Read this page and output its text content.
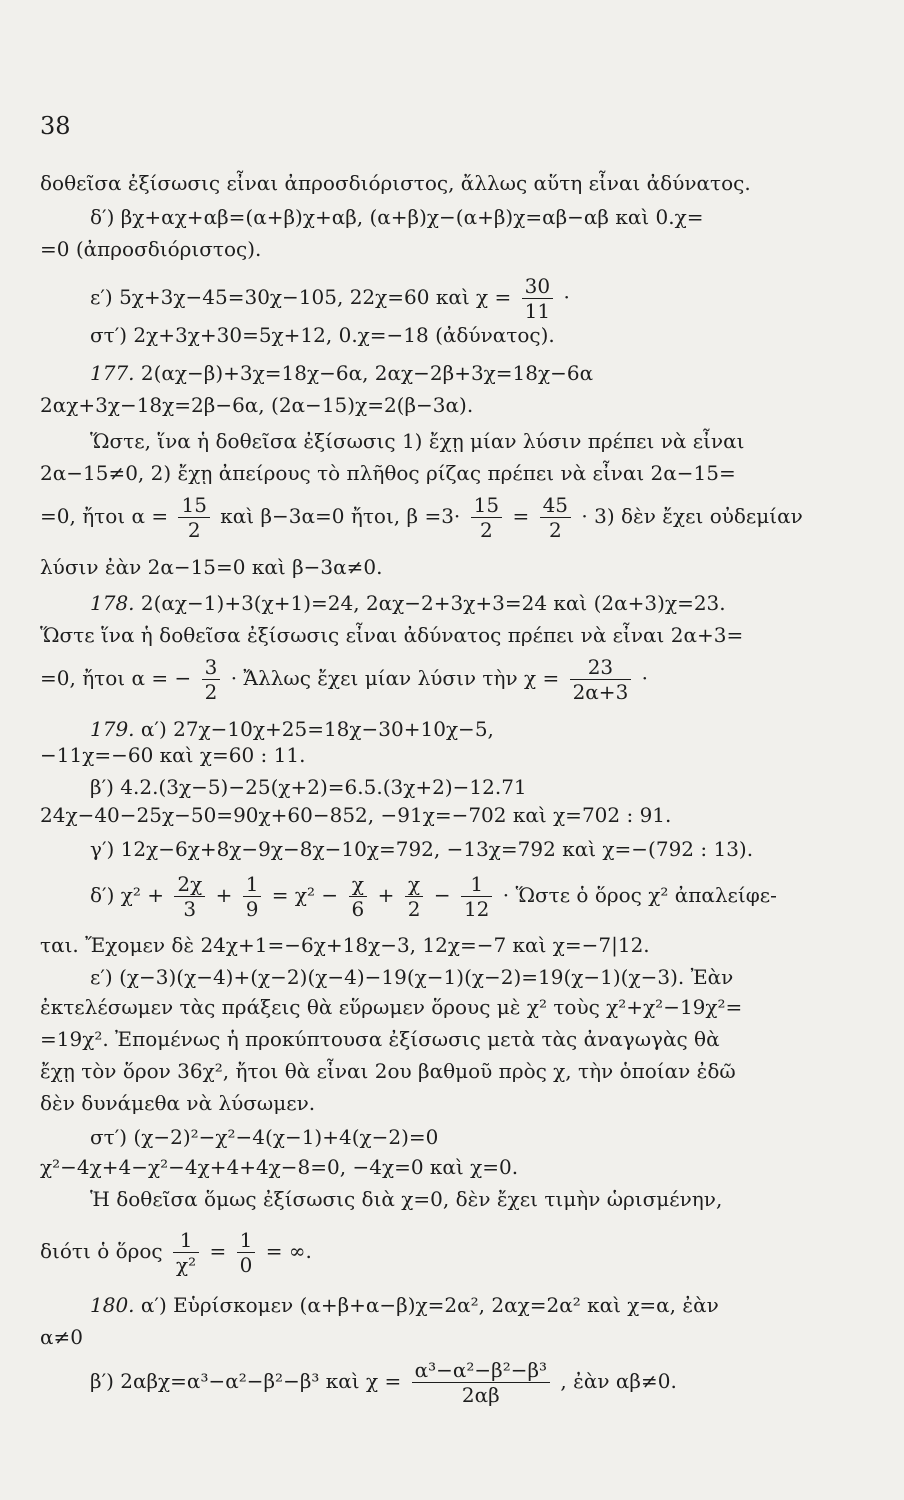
38
δοθεῖσα ἐξίσωσις εἶναι ἀπροσδιόριστος, ἄλλως αὕτη εἶναι ἀδύνατος.
δ′) βχ+αχ+αβ=(α+β)χ+αβ, (α+β)χ−(α+β)χ=αβ−αβ καὶ 0.χ=
=0 (ἀπροσδιόριστος).
ε′) 5χ+3χ−45=30χ−105, 22χ=60 καὶ $\chi = \frac{30}{11}$ ·
στ′) 2χ+3χ+30=5χ+12, 0.χ=−18 (ἀδύνατος).
177. 2(αχ−β)+3χ=18χ−6α, 2αχ−2β+3χ=18χ−6α
2αχ+3χ−18χ=2β−6α, (2α−15)χ=2(β−3α).
Ὥστε, ἵνα ἡ δοθεῖσα ἐξίσωσις 1) ἔχῃ μίαν λύσιν πρέπει νὰ εἶναι
2α−15≠0, 2) ἔχῃ ἀπείρους τὸ πλῆθος ρίζας πρέπει νὰ εἶναι 2α−15=
=0, ἤτοι $\alpha = \frac{15}{2}$ καὶ β−3α=0 ἤτοι, $\beta =3\cdot \frac{15}{2} = \frac{45}{2} \cdot 3$) δὲν ἔχει οὐδεμίαν
λύσιν ἐὰν 2α−15=0 καὶ β−3α≠0.
178. 2(αχ−1)+3(χ+1)=24, 2αχ−2+3χ+3=24 καὶ (2α+3)χ=23.
Ὥστε ἵνα ἡ δοθεῖσα ἐξίσωσις εἶναι ἀδύνατος πρέπει νὰ εἶναι 2α+3=
=0, ἤτοι α = − $\frac{3}{2}$ · Ἄλλως ἔχει μίαν λύσιν τὴν $\chi = \frac{23}{2\alpha+3}$ ·
179. α′) 27χ−10χ+25=18χ−30+10χ−5,
−11χ=−60 καὶ χ=60 : 11.
β′) 4.2.(3χ−5)−25(χ+2)=6.5.(3χ+2)−12.71
24χ−40−25χ−50=90χ+60−852, −91χ=−702 καὶ χ=702 : 91.
γ′) 12χ−6χ+8χ−9χ−8χ−10χ=792, −13χ=792 καὶ χ=−(792 : 13).
δ′) $\chi^2 + \frac{2\chi}{3} + \frac{1}{9} = \chi^2 - \frac{\chi}{6} + \frac{\chi}{2} - \frac{1}{12}$ · Ὥστε ὁ ὅρος χ² ἀπαλείφε-
ται. Ἔχομεν δὲ 24χ+1=−6χ+18χ−3, 12χ=−7 καὶ χ=−7|12.
ε′) (χ−3)(χ−4)+(χ−2)(χ−4)−19(χ−1)(χ−2)=19(χ−1)(χ−3). Ἐὰν
ἐκτελέσωμεν τὰς πράξεις θὰ εὕρωμεν ὅρους μὲ χ² τοὺς χ²+χ²−19χ²=
=19χ². Ἐπομένως ἡ προκύπτουσα ἐξίσωσις μετὰ τὰς ἀναγωγὰς θὰ
ἔχῃ τὸν ὅρον 36χ², ἤτοι θὰ εἶναι 2ου βαθμοῦ πρὸς χ, τὴν ὁποίαν ἐδῶ
δὲν δυνάμεθα νὰ λύσωμεν.
στ′) (χ−2)²−χ²−4(χ−1)+4(χ−2)=0
χ²−4χ+4−χ²−4χ+4+4χ−8=0, −4χ=0 καὶ χ=0.
Ἡ δοθεῖσα ὅμως ἐξίσωσις διὰ χ=0, δὲν ἔχει τιμὴν ὡρισμένην,
διότι ὁ ὅρος $\frac{1}{\text{χ²}} = \frac{1}{0}$ = ∞.
180. α′) Εὑρίσκομεν (α+β+α−β)χ=2α², 2αχ=2α² καὶ χ=α, ἐὰν
α≠0
β′) 2αβχ=α³−α²−β²−β³ καὶ $\chi = \frac{\text{α³−α²−β²−β³}}{2\alpha\beta}$ , ἐὰν αβ≠0.
